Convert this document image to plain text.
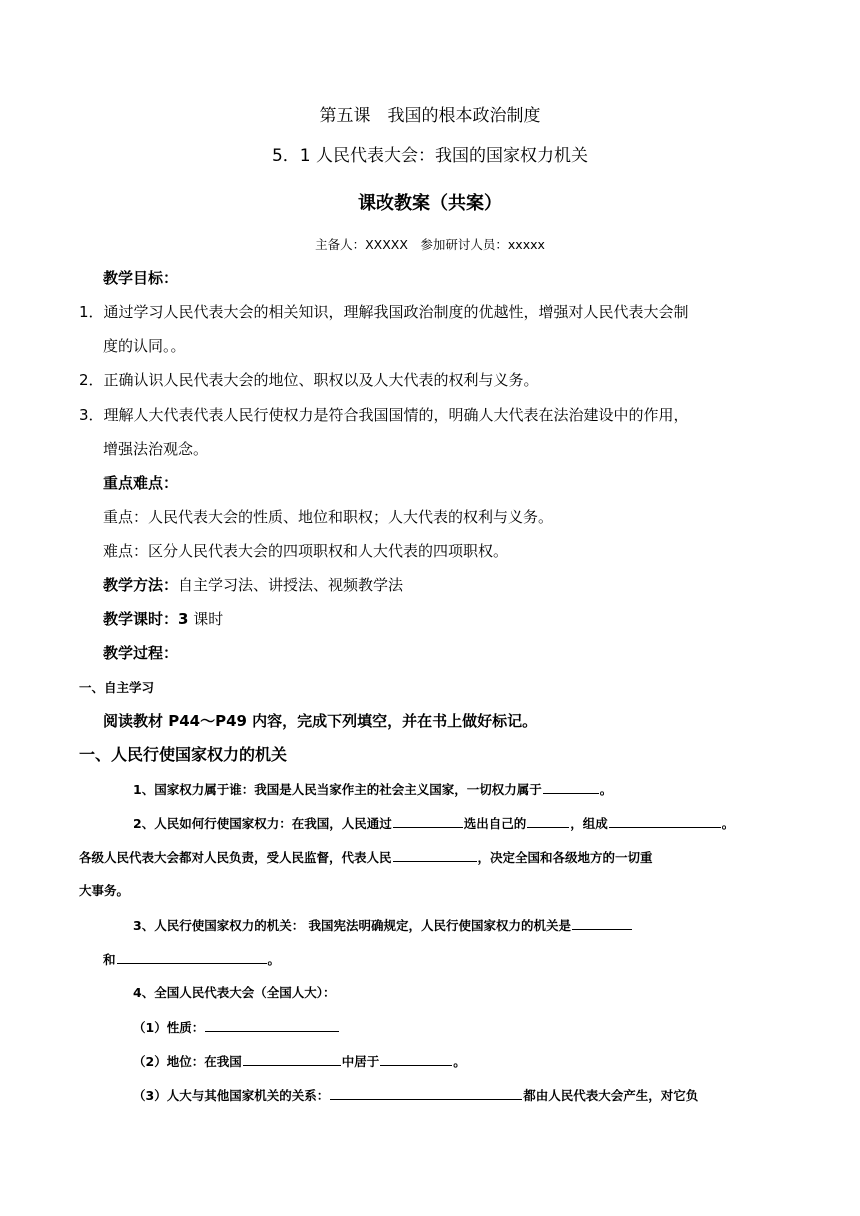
第五课　我国的根本政治制度
5．1 人民代表大会：我国的国家权力机关
课改教案（共案）
主备人：XXXXX　参加研讨人员：xxxxx
教学目标：
1．通过学习人民代表大会的相关知识，理解我国政治制度的优越性，增强对人民代表大会制
度的认同。。
2．正确认识人民代表大会的地位、职权以及人大代表的权利与义务。
3．理解人大代表代表人民行使权力是符合我国国情的，明确人大代表在法治建设中的作用，
增强法治观念。
重点难点：
重点：人民代表大会的性质、地位和职权；人大代表的权利与义务。
难点：区分人民代表大会的四项职权和人大代表的四项职权。
教学方法：自主学习法、讲授法、视频教学法
教学课时：3 课时
教学过程：
一、自主学习
阅读教材 P44～P49 内容，完成下列填空，并在书上做好标记。
一、人民行使国家权力的机关
1、国家权力属于谁：我国是人民当家作主的社会主义国家，一切权力属于	。
2、人民如何行使国家权力：在我国，人民通过	选出自己的	，组成	。
各级人民代表大会都对人民负责，受人民监督，代表人民	，决定全国和各级地方的一切重
大事务。
3、人民行使国家权力的机关： 我国宪法明确规定，人民行使国家权力的机关是
和	。
4、全国人民代表大会（全国人大）：
（1）性质：
（2）地位：在我国	中居于	。
（3）人大与其他国家机关的关系：	都由人民代表大会产生，对它负
